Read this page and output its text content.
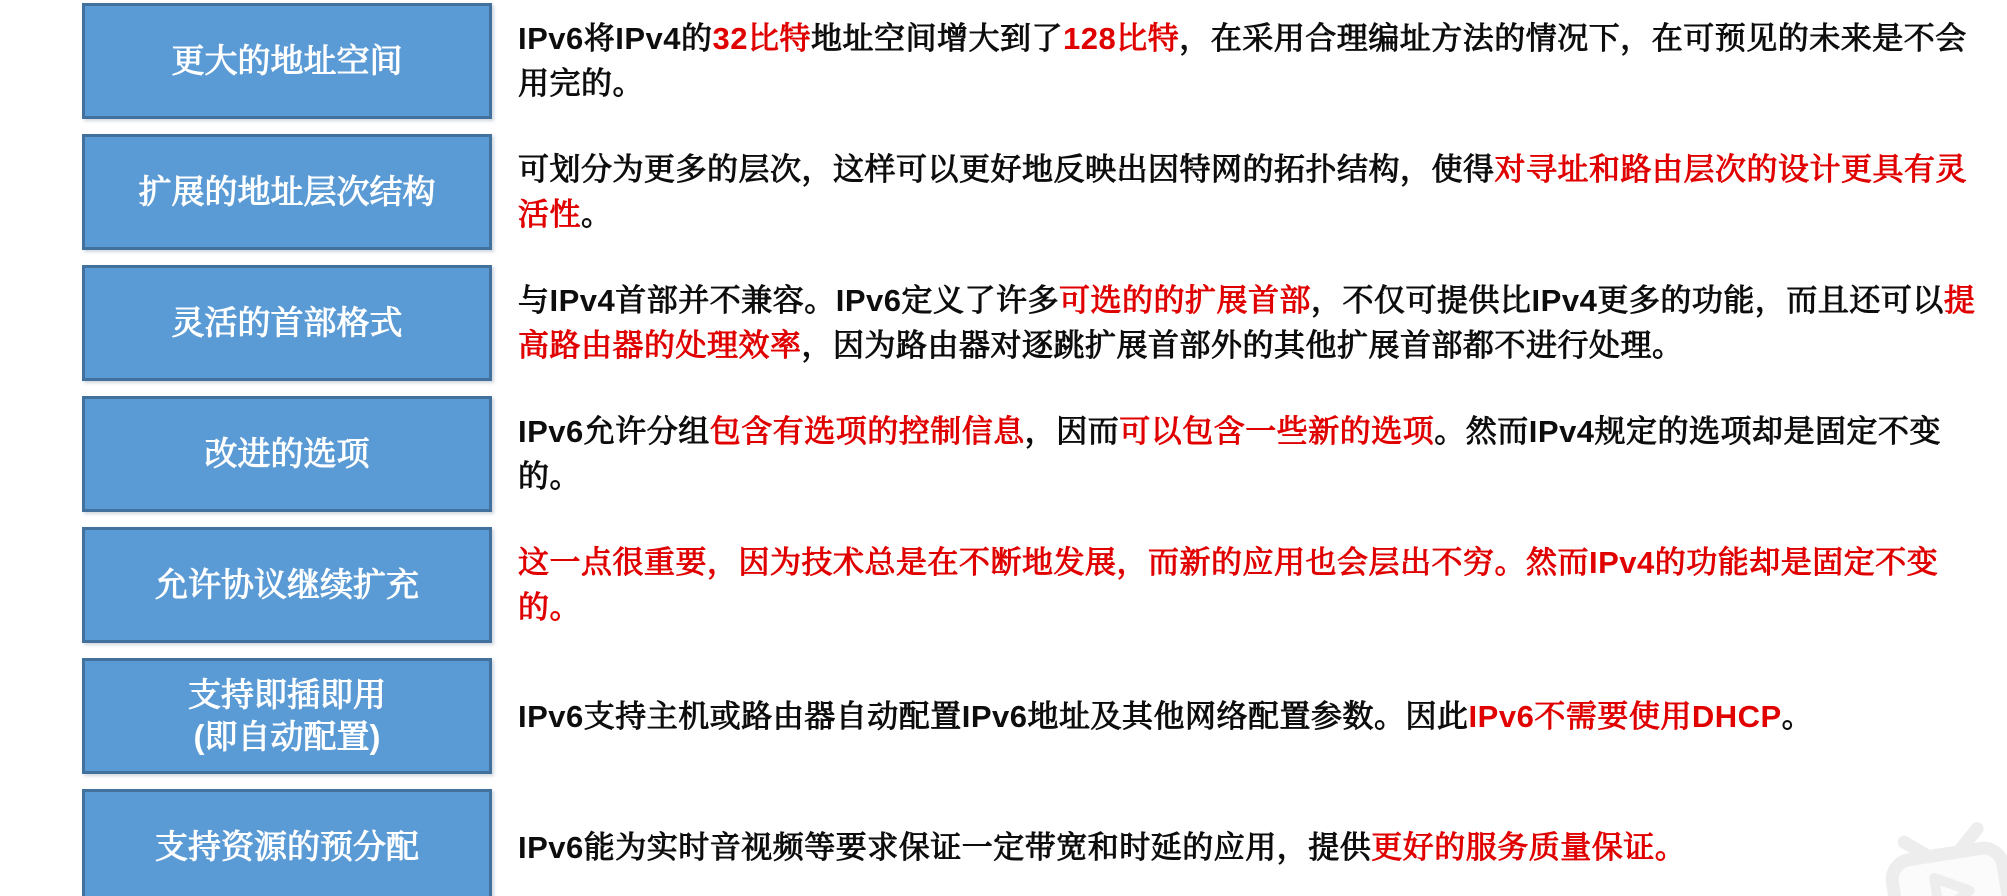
更大的地址空间

IPv6将IPv4的32比特地址空间增大到了128比特，在采用合理编址方法的情况下，在可预见的未来是不会用完的。

扩展的地址层次结构

可划分为更多的层次，这样可以更好地反映出因特网的拓扑结构，使得对寻址和路由层次的设计更具有灵活性。

灵活的首部格式

与IPv4首部并不兼容。IPv6定义了许多可选的的扩展首部，不仅可提供比IPv4更多的功能，而且还可以提高路由器的处理效率，因为路由器对逐跳扩展首部外的其他扩展首部都不进行处理。

改进的选项

IPv6允许分组包含有选项的控制信息，因而可以包含一些新的选项。然而IPv4规定的选项却是固定不变的。

允许协议继续扩充

这一点很重要，因为技术总是在不断地发展，而新的应用也会层出不穷。然而IPv4的功能却是固定不变的。

支持即插即用
(即自动配置)

IPv6支持主机或路由器自动配置IPv6地址及其他网络配置参数。因此IPv6不需要使用DHCP。

支持资源的预分配	IPv6能为实时音视频等要求保证一定带宽和时延的应用，提供更好的服务质量保证。
